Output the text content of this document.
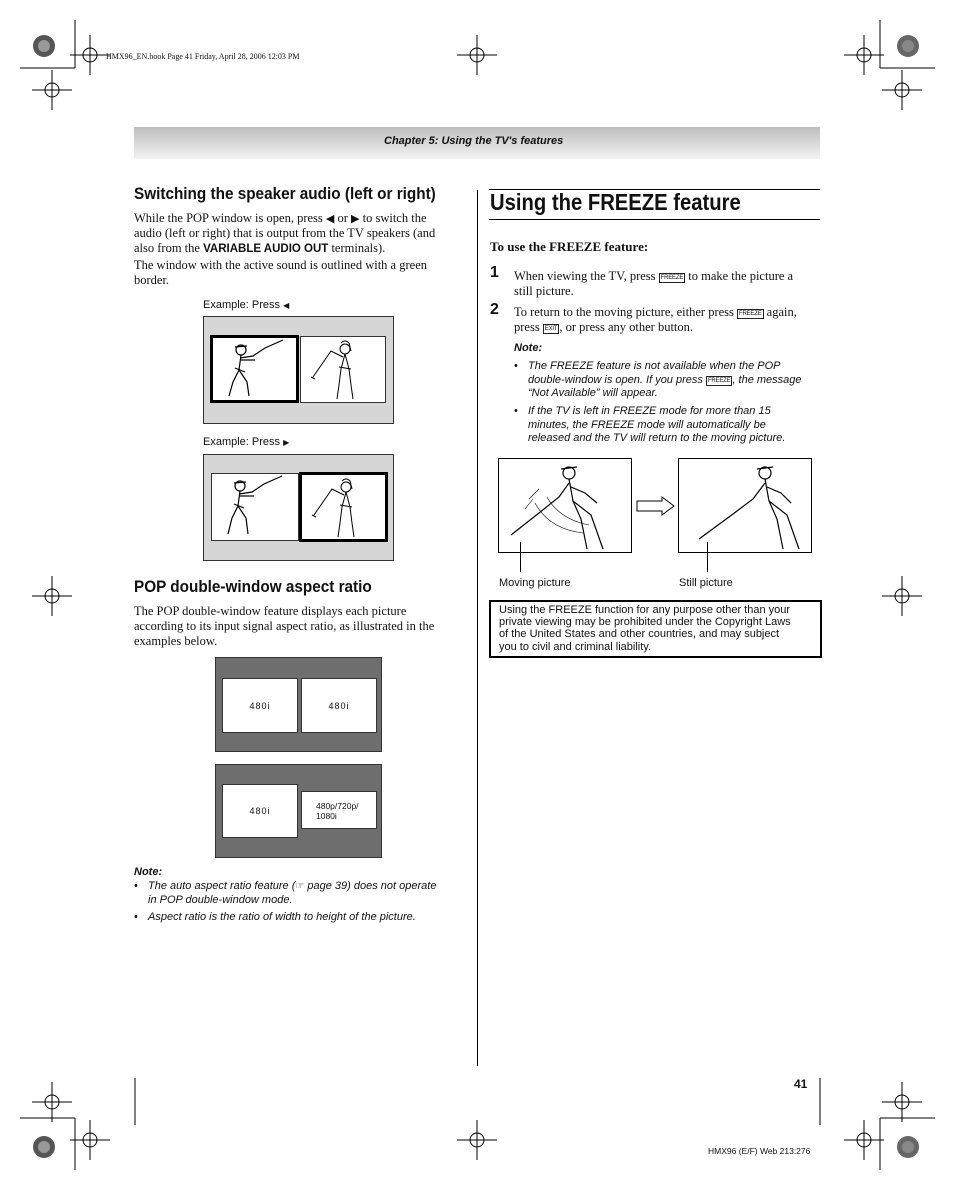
HMX96_EN.book Page 41 Friday, April 28, 2006 12:03 PM
Chapter 5: Using the TV's features
Switching the speaker audio (left or right)
While the POP window is open, press ◀ or ▶ to switch the
audio (left or right) that is output from the TV speakers (and
also from the VARIABLE AUDIO OUT terminals).
The window with the active sound is outlined with a green
border.
Example: Press ◀
Example: Press ▶
POP double-window aspect ratio
The POP double-window feature displays each picture
according to its input signal aspect ratio, as illustrated in the
examples below.
480i	480i
480i	480p/720p/
1080i
Note:
• The auto aspect ratio feature (☞ page 39) does not operate
in POP double-window mode.
• Aspect ratio is the ratio of width to height of the picture.
Using the FREEZE feature
To use the FREEZE feature:
1 When viewing the TV, press FREEZE to make the picture a
still picture.
2 To return to the moving picture, either press FREEZE again,
press EXIT , or press any other button.
Note:
• The FREEZE feature is not available when the POP
double-window is open. If you press FREEZE , the message
“Not Available” will appear.
• If the TV is left in FREEZE mode for more than 15
minutes, the FREEZE mode will automatically be
released and the TV will return to the moving picture.
Moving picture	Still picture
Using the FREEZE function for any purpose other than your
private viewing may be prohibited under the Copyright Laws
of the United States and other countries, and may subject
you to civil and criminal liability.
41
HMX96 (E/F) Web 213:276
